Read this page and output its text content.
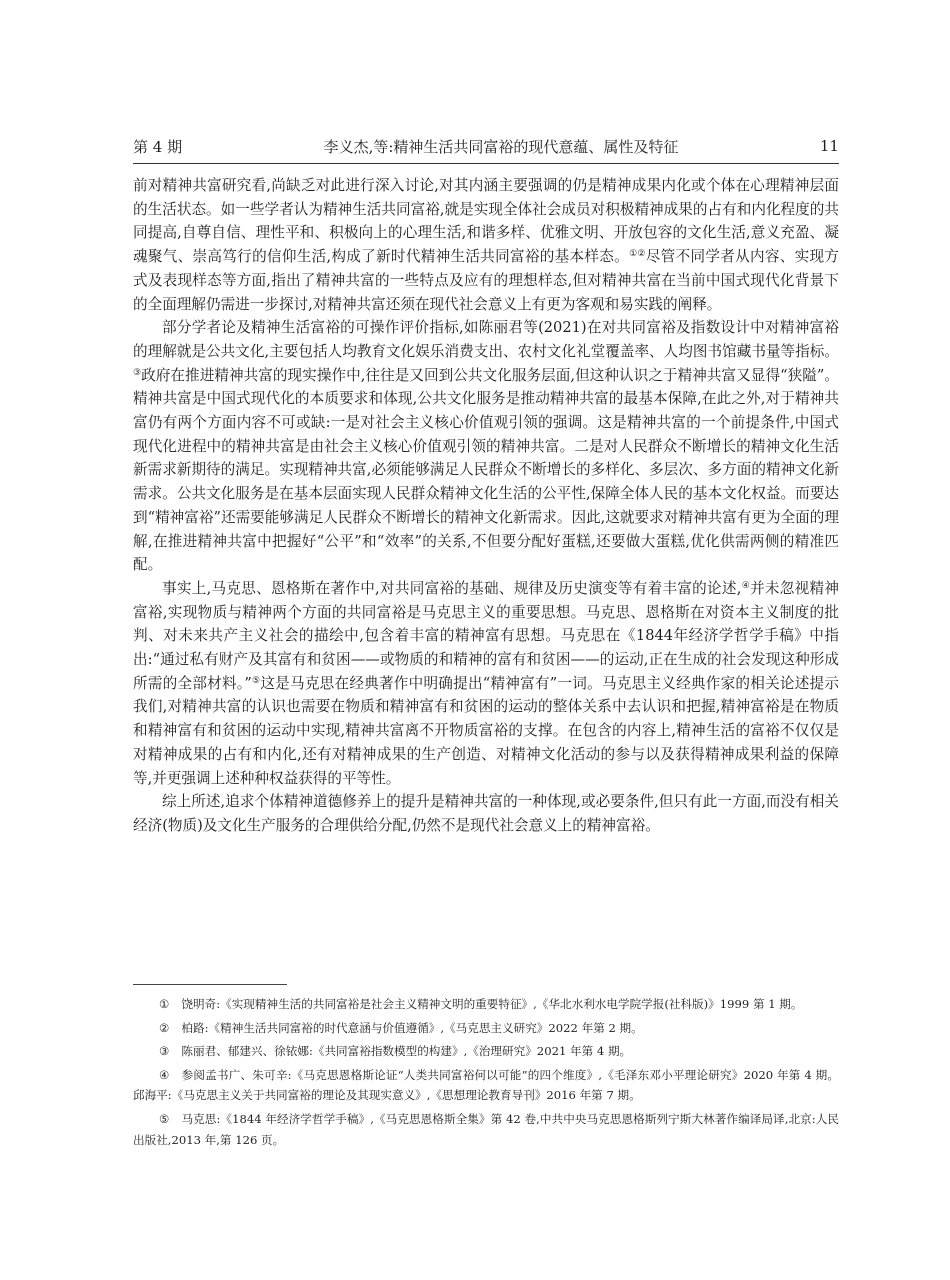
第 4 期	李义杰,等:精神生活共同富裕的现代意蕴、属性及特征	11

前对精神共富研究看,尚缺乏对此进行深入讨论,对其内涵主要强调的仍是精神成果内化或个体在心理精神层面的生活状态。如一些学者认为精神生活共同富裕,就是实现全体社会成员对积极精神成果的占有和内化程度的共同提高,自尊自信、理性平和、积极向上的心理生活,和谐多样、优雅文明、开放包容的文化生活,意义充盈、凝魂聚气、崇高笃行的信仰生活,构成了新时代精神生活共同富裕的基本样态。①②尽管不同学者从内容、实现方式及表现样态等方面,指出了精神共富的一些特点及应有的理想样态,但对精神共富在当前中国式现代化背景下的全面理解仍需进一步探讨,对精神共富还须在现代社会意义上有更为客观和易实践的阐释。

部分学者论及精神生活富裕的可操作评价指标,如陈丽君等(2021)在对共同富裕及指数设计中对精神富裕的理解就是公共文化,主要包括人均教育文化娱乐消费支出、农村文化礼堂覆盖率、人均图书馆藏书量等指标。③政府在推进精神共富的现实操作中,往往是又回到公共文化服务层面,但这种认识之于精神共富又显得“狭隘”。精神共富是中国式现代化的本质要求和体现,公共文化服务是推动精神共富的最基本保障,在此之外,对于精神共富仍有两个方面内容不可或缺:一是对社会主义核心价值观引领的强调。这是精神共富的一个前提条件,中国式现代化进程中的精神共富是由社会主义核心价值观引领的精神共富。二是对人民群众不断增长的精神文化生活新需求新期待的满足。实现精神共富,必须能够满足人民群众不断增长的多样化、多层次、多方面的精神文化新需求。公共文化服务是在基本层面实现人民群众精神文化生活的公平性,保障全体人民的基本文化权益。而要达到“精神富裕”还需要能够满足人民群众不断增长的精神文化新需求。因此,这就要求对精神共富有更为全面的理解,在推进精神共富中把握好“公平”和“效率”的关系,不但要分配好蛋糕,还要做大蛋糕,优化供需两侧的精准匹配。

事实上,马克思、恩格斯在著作中,对共同富裕的基础、规律及历史演变等有着丰富的论述,④并未忽视精神富裕,实现物质与精神两个方面的共同富裕是马克思主义的重要思想。马克思、恩格斯在对资本主义制度的批判、对未来共产主义社会的描绘中,包含着丰富的精神富有思想。马克思在《1844年经济学哲学手稿》中指出:“通过私有财产及其富有和贫困——或物质的和精神的富有和贫困——的运动,正在生成的社会发现这种形成所需的全部材料。”⑤这是马克思在经典著作中明确提出“精神富有”一词。马克思主义经典作家的相关论述提示我们,对精神共富的认识也需要在物质和精神富有和贫困的运动的整体关系中去认识和把握,精神富裕是在物质和精神富有和贫困的运动中实现,精神共富离不开物质富裕的支撑。在包含的内容上,精神生活的富裕不仅仅是对精神成果的占有和内化,还有对精神成果的生产创造、对精神文化活动的参与以及获得精神成果利益的保障等,并更强调上述种种权益获得的平等性。

综上所述,追求个体精神道德修养上的提升是精神共富的一种体现,或必要条件,但只有此一方面,而没有相关经济(物质)及文化生产服务的合理供给分配,仍然不是现代社会意义上的精神富裕。

① 饶明奇:《实现精神生活的共同富裕是社会主义精神文明的重要特征》,《华北水利水电学院学报(社科版)》1999 第 1 期。

② 柏路:《精神生活共同富裕的时代意涵与价值遵循》,《马克思主义研究》2022 年第 2 期。

③ 陈丽君、郁建兴、徐铱娜:《共同富裕指数模型的构建》,《治理研究》2021 年第 4 期。

④ 参阅孟书广、朱可辛:《马克思恩格斯论证“人类共同富裕何以可能”的四个维度》,《毛泽东邓小平理论研究》2020 年第 4 期。邱海平:《马克思主义关于共同富裕的理论及其现实意义》,《思想理论教育导刊》2016 年第 7 期。

⑤ 马克思:《1844 年经济学哲学手稿》,《马克思恩格斯全集》第 42 卷,中共中央马克思恩格斯列宁斯大林著作编译局译,北京:人民出版社,2013 年,第 126 页。
